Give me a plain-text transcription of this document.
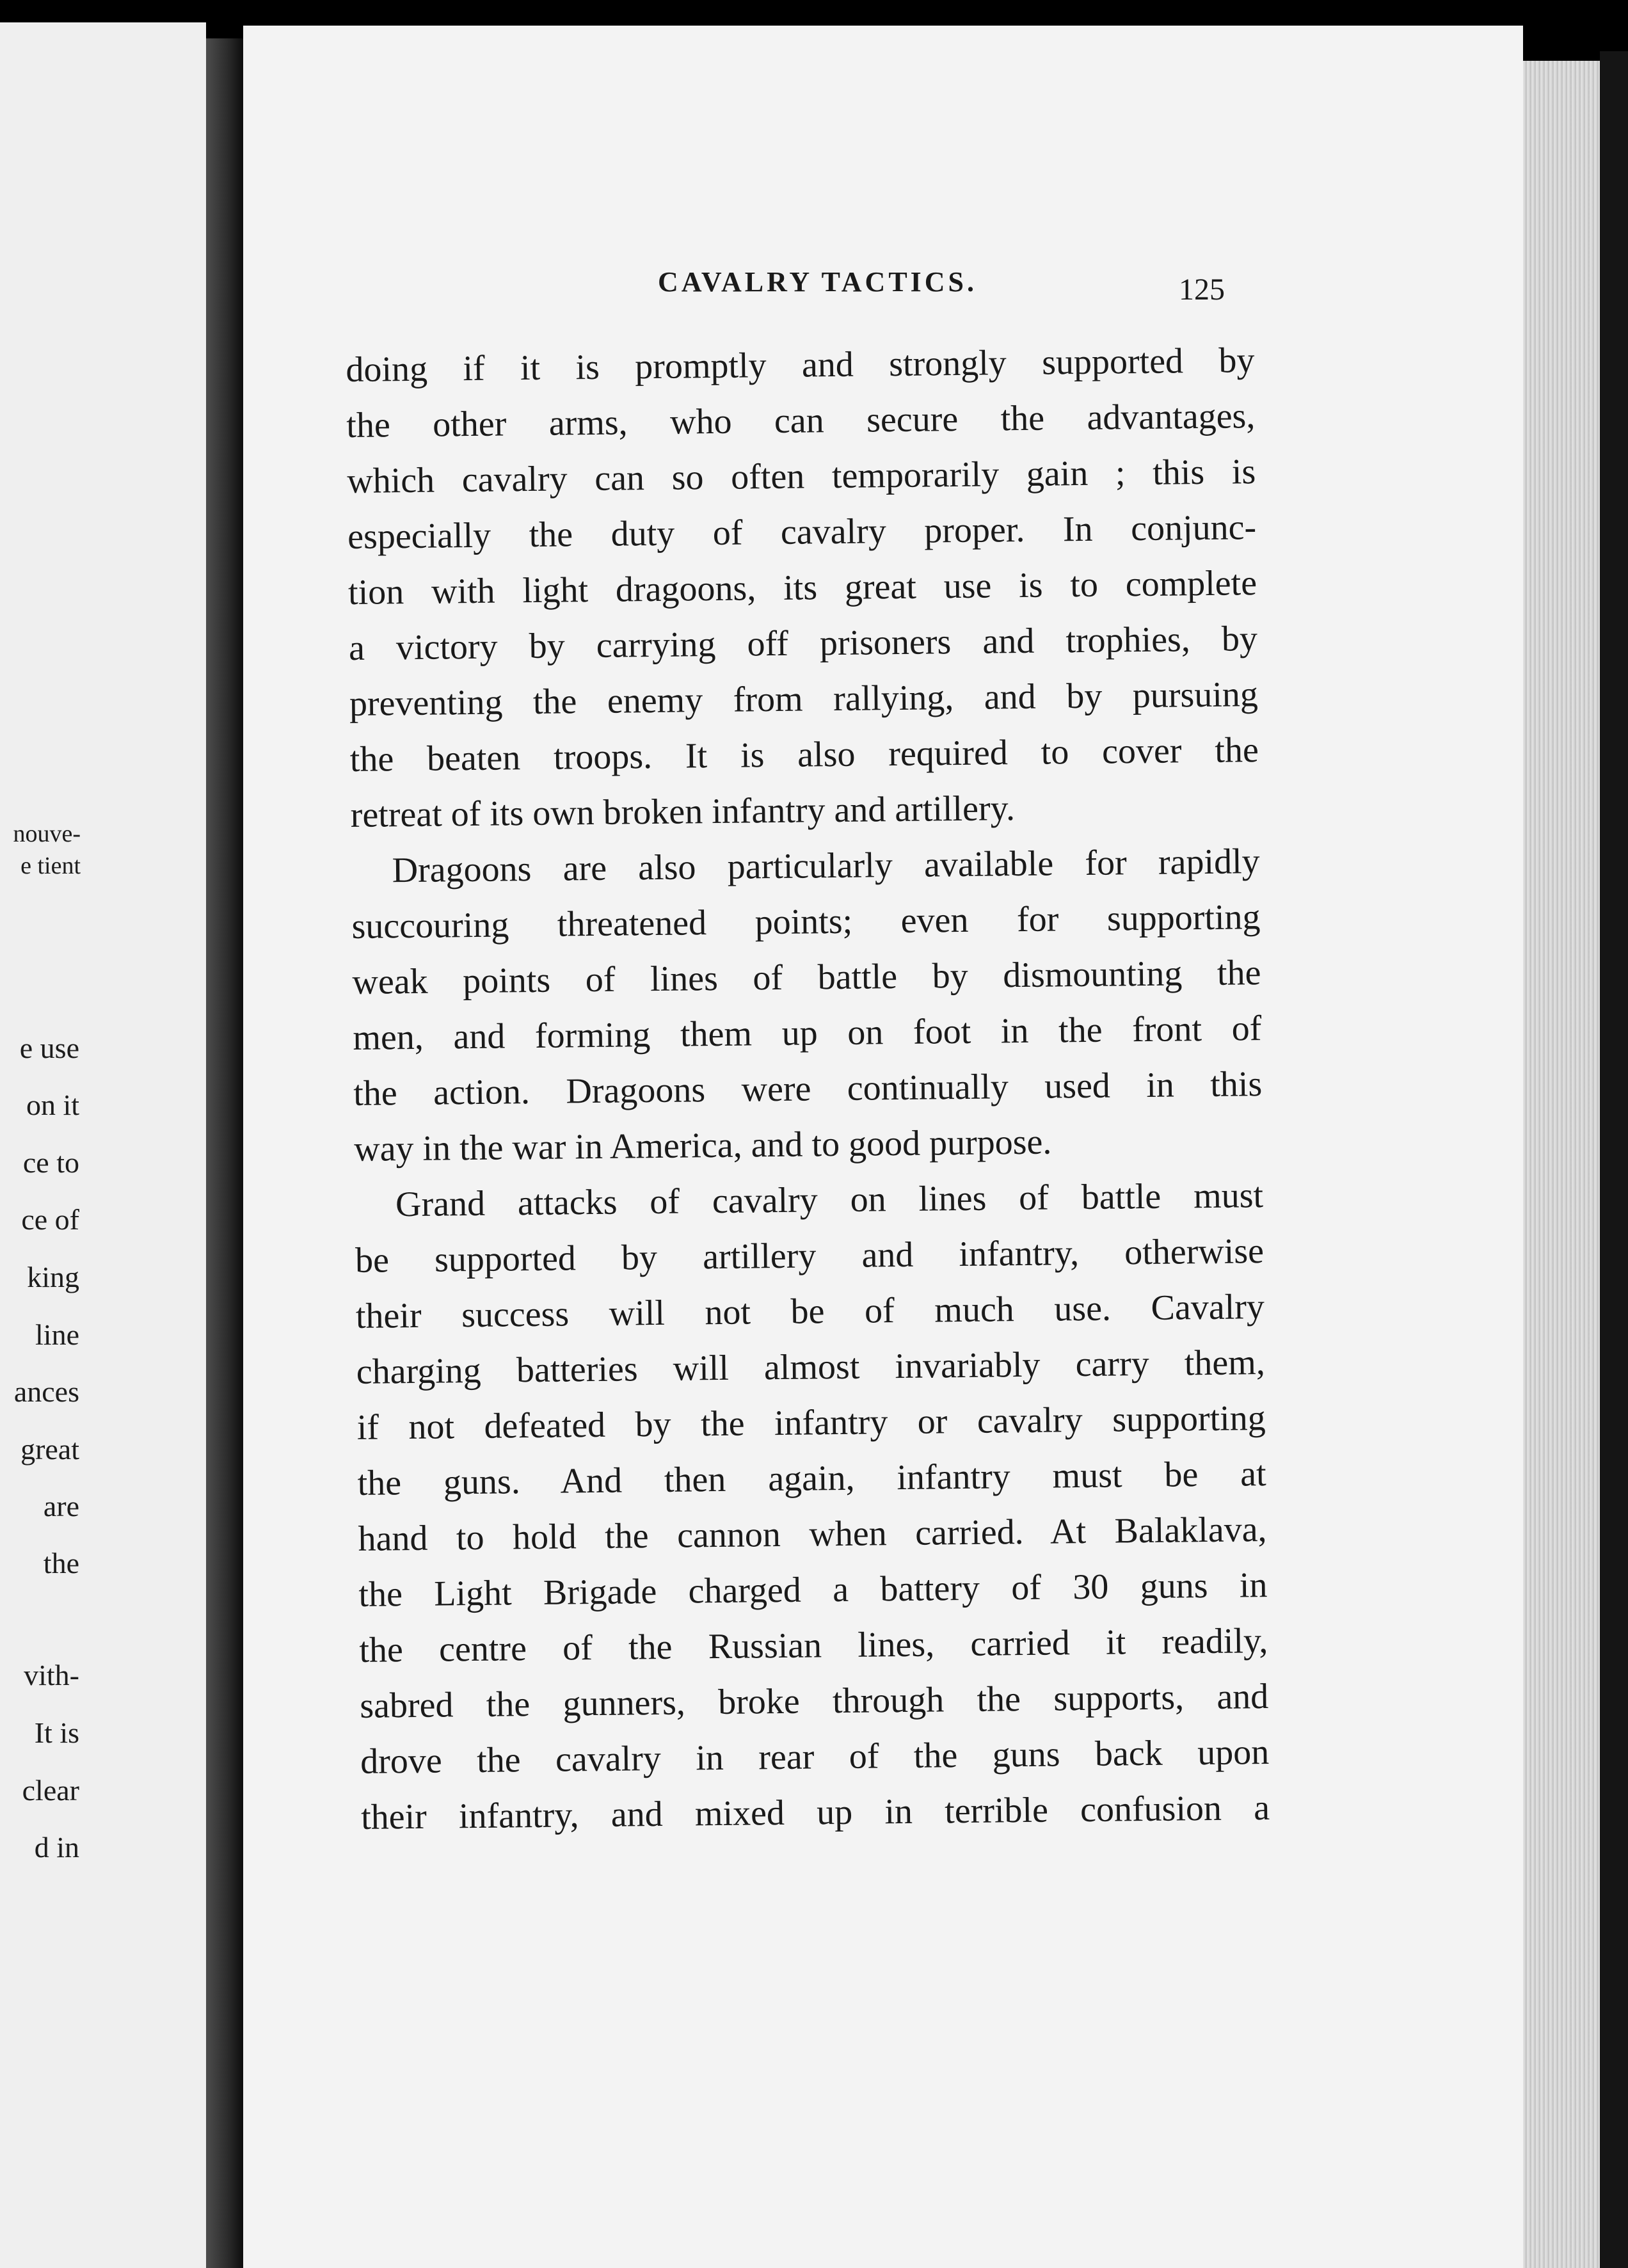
nouve-
e tient
e use
on it
ce to
ce of
king
line
ances
great
are
the
vith-
It is
clear
d in
CAVALRY TACTICS.	125
doing if it is promptly and strongly supported by
the other arms, who can secure the advantages,
which cavalry can so often temporarily gain ; this is
especially the duty of cavalry proper. In conjunc-
tion with light dragoons, its great use is to complete
a victory by carrying off prisoners and trophies, by
preventing the enemy from rallying, and by pursuing
the beaten troops. It is also required to cover the
retreat of its own broken infantry and artillery.
Dragoons are also particularly available for rapidly
succouring threatened points; even for supporting
weak points of lines of battle by dismounting the
men, and forming them up on foot in the front of
the action. Dragoons were continually used in this
way in the war in America, and to good purpose.
Grand attacks of cavalry on lines of battle must
be supported by artillery and infantry, otherwise
their success will not be of much use. Cavalry
charging batteries will almost invariably carry them,
if not defeated by the infantry or cavalry supporting
the guns. And then again, infantry must be at
hand to hold the cannon when carried. At Balaklava,
the Light Brigade charged a battery of 30 guns in
the centre of the Russian lines, carried it readily,
sabred the gunners, broke through the supports, and
drove the cavalry in rear of the guns back upon
their infantry, and mixed up in terrible confusion a
